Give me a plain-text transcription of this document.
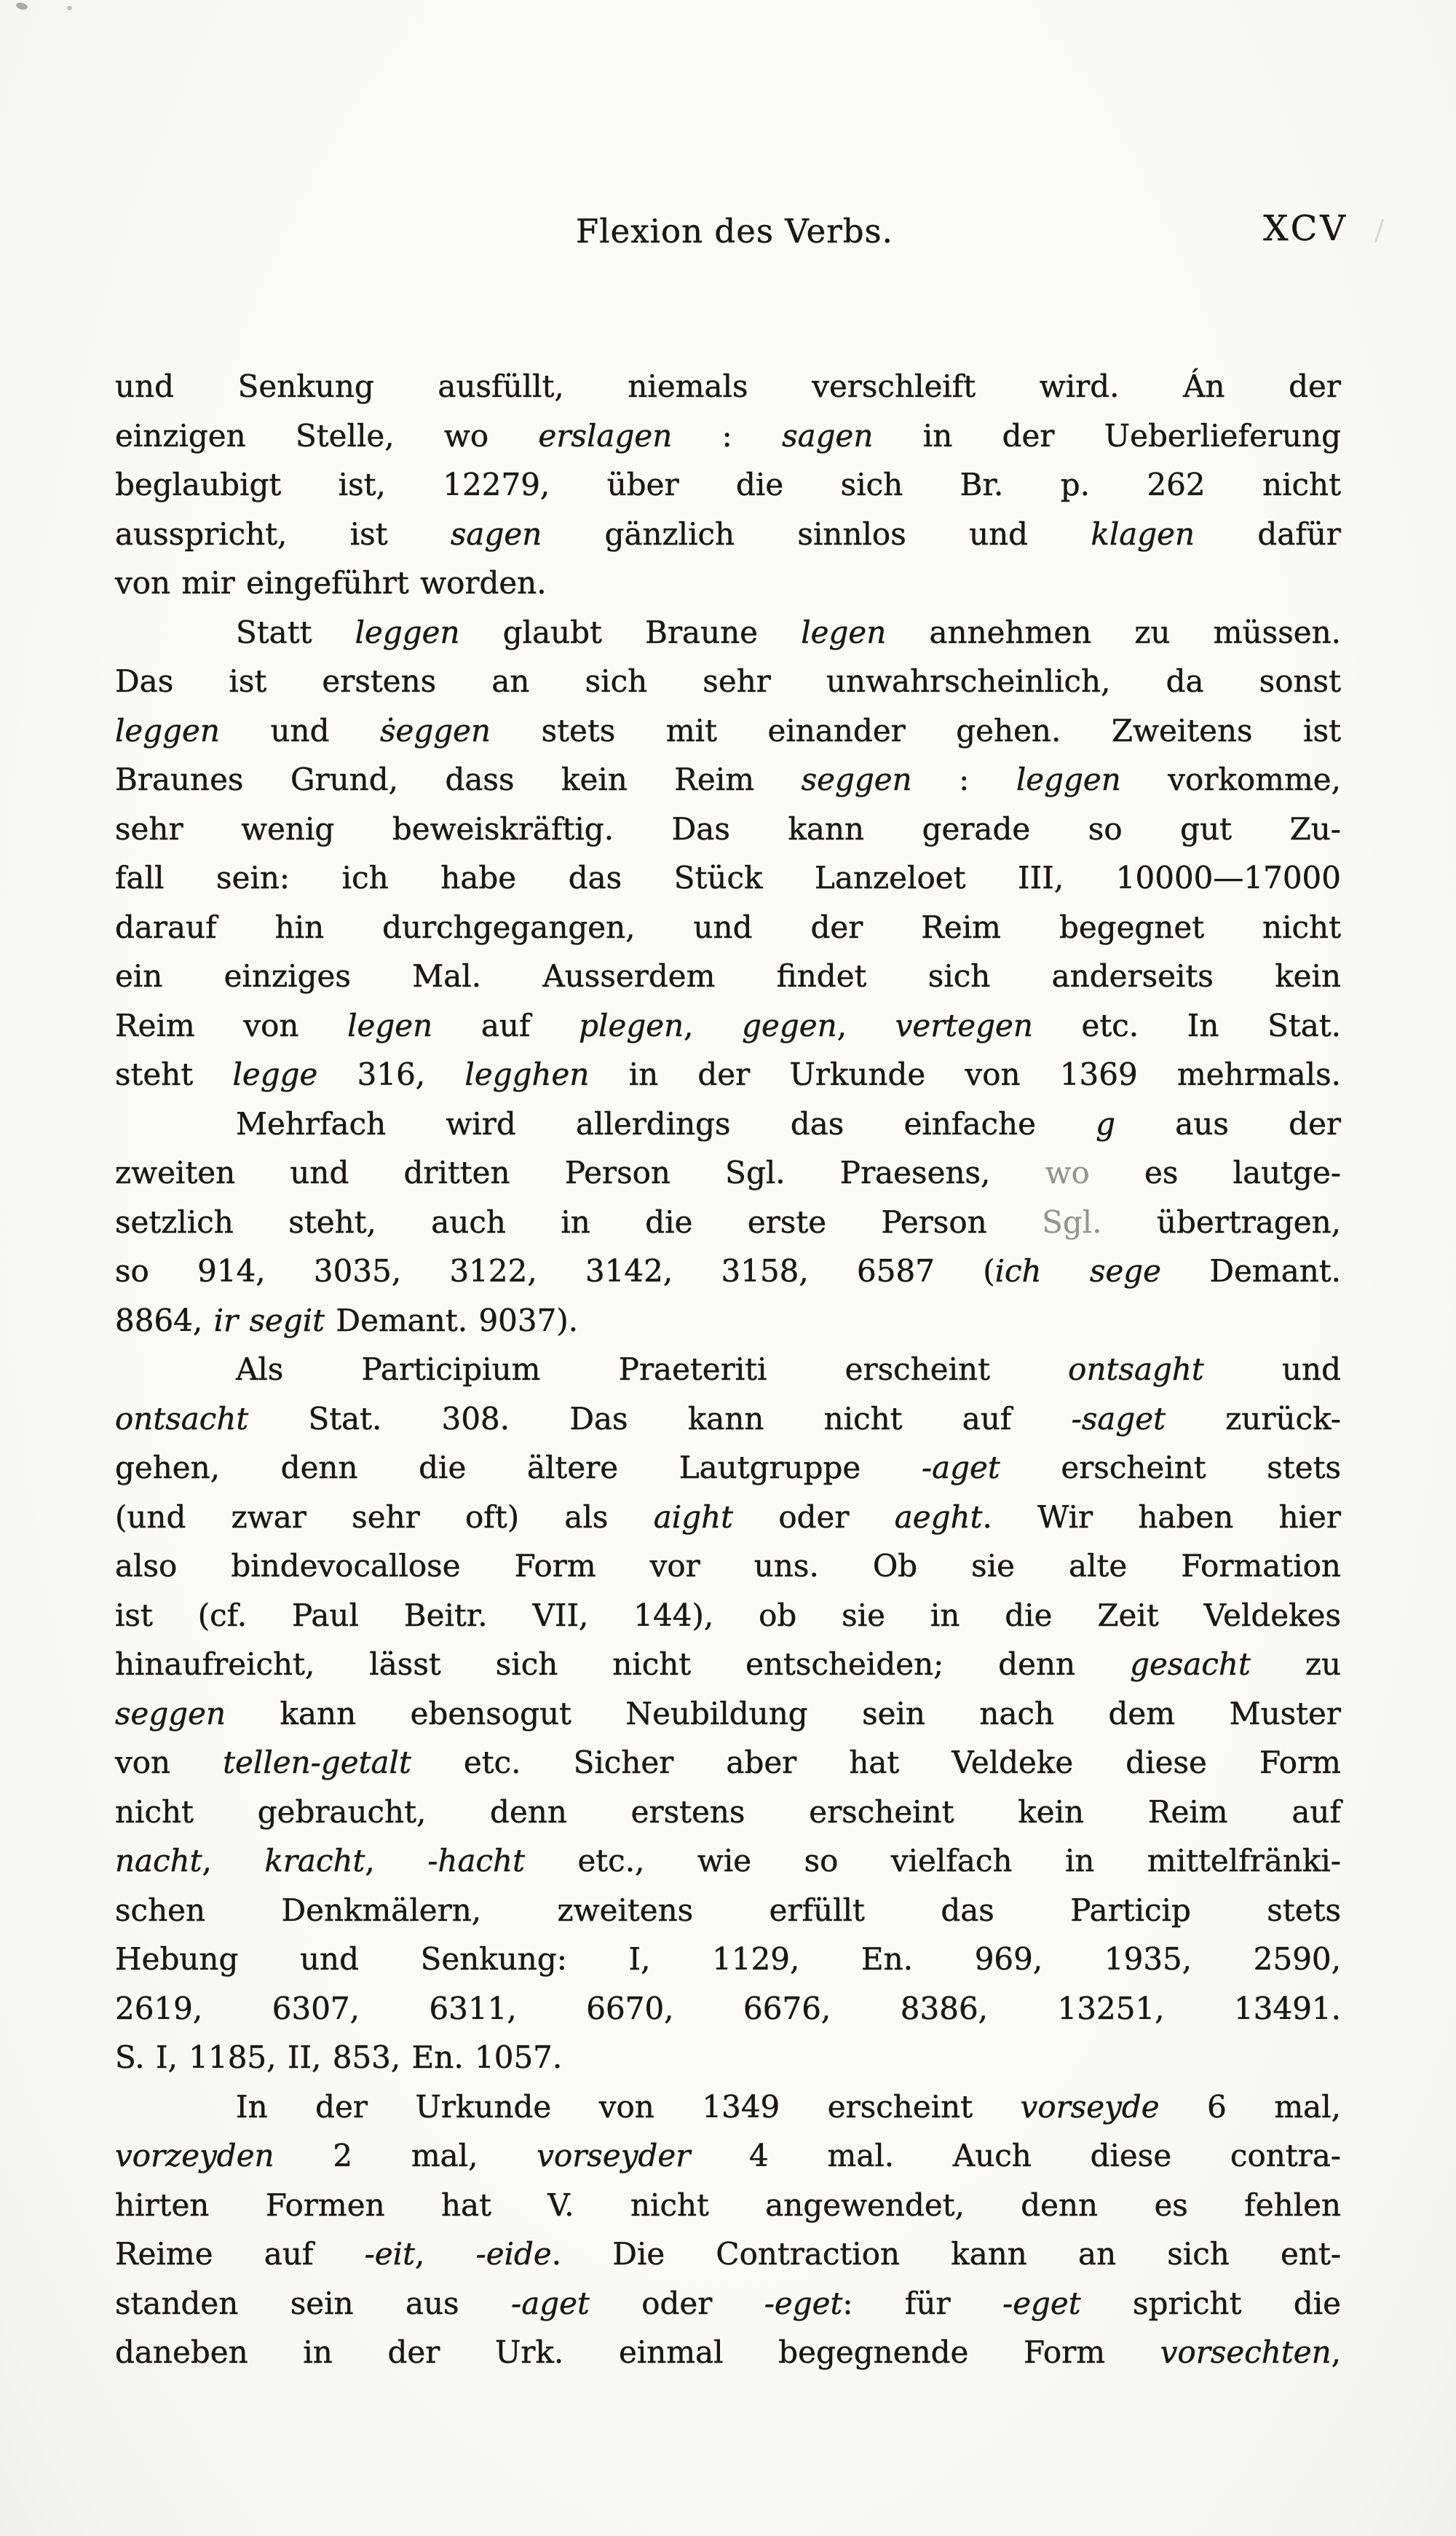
Flexion des Verbs.	XCV
und Senkung ausfüllt, niemals verschleift wird. Án der
einzigen Stelle, wo erslagen : sagen in der Ueberlieferung
beglaubigt ist, 12279, über die sich Br. p. 262 nicht
ausspricht, ist sagen gänzlich sinnlos und klagen dafür
von mir eingeführt worden.
Statt leggen glaubt Braune legen annehmen zu müssen.
Das ist erstens an sich sehr unwahrscheinlich, da sonst
leggen und ṡeggen stets mit einander gehen. Zweitens ist
Braunes Grund, dass kein Reim seggen : leggen vorkomme,
sehr wenig beweiskräftig. Das kann gerade so gut Zu-
fall sein: ich habe das Stück Lanzeloet III, 10000—17000
darauf hin durchgegangen, und der Reim begegnet nicht
ein einziges Mal. Ausserdem findet sich anderseits kein
Reim von legen auf plegen, gegen, vertegen etc. In Stat.
steht legge 316, legghen in der Urkunde von 1369 mehrmals.
Mehrfach wird allerdings das einfache g aus der
zweiten und dritten Person Sgl. Praesens, wo es lautge-
setzlich steht, auch in die erste Person Sgl. übertragen,
so 914, 3035, 3122, 3142, 3158, 6587 (ich sege Demant.
8864, ir segit Demant. 9037).
Als Participium Praeteriti erscheint ontsaght und
ontsacht Stat. 308. Das kann nicht auf -saget zurück-
gehen, denn die ältere Lautgruppe -aget erscheint stets
(und zwar sehr oft) als aight oder aeght. Wir haben hier
also bindevocallose Form vor uns. Ob sie alte Formation
ist (cf. Paul Beitr. VII, 144), ob sie in die Zeit Veldekes
hinaufreicht, lässt sich nicht entscheiden; denn gesacht zu
seggen kann ebensogut Neubildung sein nach dem Muster
von tellen-getalt etc. Sicher aber hat Veldeke diese Form
nicht gebraucht, denn erstens erscheint kein Reim auf
nacht, kracht, -hacht etc., wie so vielfach in mittelfränki-
schen Denkmälern, zweitens erfüllt das Particip stets
Hebung und Senkung: I, 1129, En. 969, 1935, 2590,
2619, 6307, 6311, 6670, 6676, 8386, 13251, 13491.
S. I, 1185, II, 853, En. 1057.
In der Urkunde von 1349 erscheint vorseyde 6 mal,
vorzeyden 2 mal, vorseyder 4 mal. Auch diese contra-
hirten Formen hat V. nicht angewendet, denn es fehlen
Reime auf -eit, -eide. Die Contraction kann an sich ent-
standen sein aus -aget oder -eget: für -eget spricht die
daneben in der Urk. einmal begegnende Form vorsechten,
